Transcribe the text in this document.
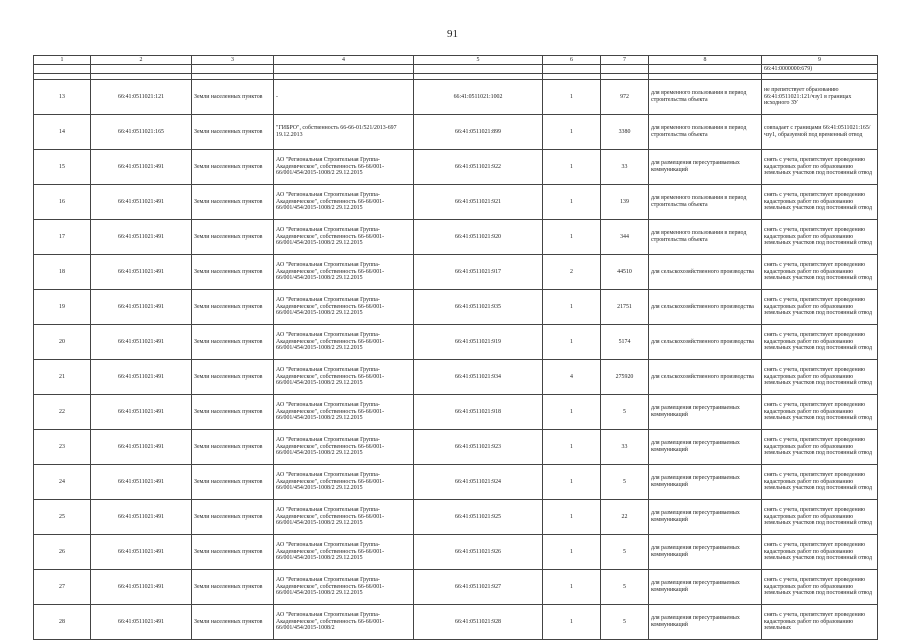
91
1	2	3	4	5	6	7	8	9
								66:41:0000000:679)

13	66:41:0511021:121	Земли населенных пунктов	-	66:41:0511021:1002	1	972	для временного пользования в период строительства объекта	не препятствует образованию 66:41:0511021:121/чзу1 в границах исходного ЗУ
14	66:41:0511021:165	Земли населенных пунктов	"ГИБРО", собственность 66-66-01/521/2013-697 19.12.2013	66:41:0511021:899	1	3380	для временного пользования в период строительства объекта	совпадает с границами 66:41:0511021:165/чзу1, образуемой под временный отвод
15	66:41:0511021:491	Земли населенных пунктов	АО "Региональная Строительная Группа-Академическое", собственность 66-66/001-66/001/454/2015-1008/2 29.12.2015	66:41:0511021:922	1	33	для размещения пересутраиваемых коммуникаций	снять с учета, препятствует проведению кадастровых работ по образованию земельных участков под постоянный отвод
16	66:41:0511021:491	Земли населенных пунктов	АО "Региональная Строительная Группа-Академическое", собственность 66-66/001-66/001/454/2015-1008/2 29.12.2015	66:41:0511021:921	1	139	для временного пользования в период строительства объекта	снять с учета, препятствует проведению кадастровых работ по образованию земельных участков под постоянный отвод
17	66:41:0511021:491	Земли населенных пунктов	АО "Региональная Строительная Группа-Академическое", собственность 66-66/001-66/001/454/2015-1008/2 29.12.2015	66:41:0511021:920	1	344	для временного пользования в период строительства объекта	снять с учета, препятствует проведению кадастровых работ по образованию земельных участков под постоянный отвод
18	66:41:0511021:491	Земли населенных пунктов	АО "Региональная Строительная Группа-Академическое", собственность 66-66/001-66/001/454/2015-1008/2 29.12.2015	66:41:0511021:917	2	44510	для сельскохозяйственного производства	снять с учета, препятствует проведению кадастровых работ по образованию земельных участков под постоянный отвод
19	66:41:0511021:491	Земли населенных пунктов	АО "Региональная Строительная Группа-Академическое", собственность 66-66/001-66/001/454/2015-1008/2 29.12.2015	66:41:0511021:935	1	21751	для сельскохозяйственного производства	снять с учета, препятствует проведению кадастровых работ по образованию земельных участков под постоянный отвод
20	66:41:0511021:491	Земли населенных пунктов	АО "Региональная Строительная Группа-Академическое", собственность 66-66/001-66/001/454/2015-1008/2 29.12.2015	66:41:0511021:919	1	5174	для сельскохозяйственного производства	снять с учета, препятствует проведению кадастровых работ по образованию земельных участков под постоянный отвод
21	66:41:0511021:491	Земли населенных пунктов	АО "Региональная Строительная Группа-Академическое", собственность 66-66/001-66/001/454/2015-1008/2 29.12.2015	66:41:0511021:934	4	275920	для сельскохозяйственного производства	снять с учета, препятствует проведению кадастровых работ по образованию земельных участков под постоянный отвод
22	66:41:0511021:491	Земли населенных пунктов	АО "Региональная Строительная Группа-Академическое", собственность 66-66/001-66/001/454/2015-1008/2 29.12.2015	66:41:0511021:918	1	5	для размещения пересутраиваемых коммуникаций	снять с учета, препятствует проведению кадастровых работ по образованию земельных участков под постоянный отвод
23	66:41:0511021:491	Земли населенных пунктов	АО "Региональная Строительная Группа-Академическое", собственность 66-66/001-66/001/454/2015-1008/2 29.12.2015	66:41:0511021:923	1	33	для размещения пересутраиваемых коммуникаций	снять с учета, препятствует проведению кадастровых работ по образованию земельных участков под постоянный отвод
24	66:41:0511021:491	Земли населенных пунктов	АО "Региональная Строительная Группа-Академическое", собственность 66-66/001-66/001/454/2015-1008/2 29.12.2015	66:41:0511021:924	1	5	для размещения пересутраиваемых коммуникаций	снять с учета, препятствует проведению кадастровых работ по образованию земельных участков под постоянный отвод
25	66:41:0511021:491	Земли населенных пунктов	АО "Региональная Строительная Группа-Академическое", собственность 66-66/001-66/001/454/2015-1008/2 29.12.2015	66:41:0511021:925	1	22	для размещения пересутраиваемых коммуникаций	снять с учета, препятствует проведению кадастровых работ по образованию земельных участков под постоянный отвод
26	66:41:0511021:491	Земли населенных пунктов	АО "Региональная Строительная Группа-Академическое", собственность 66-66/001-66/001/454/2015-1008/2 29.12.2015	66:41:0511021:926	1	5	для размещения пересутраиваемых коммуникаций	снять с учета, препятствует проведению кадастровых работ по образованию земельных участков под постоянный отвод
27	66:41:0511021:491	Земли населенных пунктов	АО "Региональная Строительная Группа-Академическое", собственность 66-66/001-66/001/454/2015-1008/2 29.12.2015	66:41:0511021:927	1	5	для размещения пересутраиваемых коммуникаций	снять с учета, препятствует проведению кадастровых работ по образованию земельных участков под постоянный отвод
28	66:41:0511021:491	Земли населенных пунктов	АО "Региональная Строительная Группа-Академическое", собственность 66-66/001-66/001/454/2015-1008/2	66:41:0511021:928	1	5	для размещения пересутраиваемых коммуникаций	снять с учета, препятствует проведению кадастровых работ по образованию земельных
